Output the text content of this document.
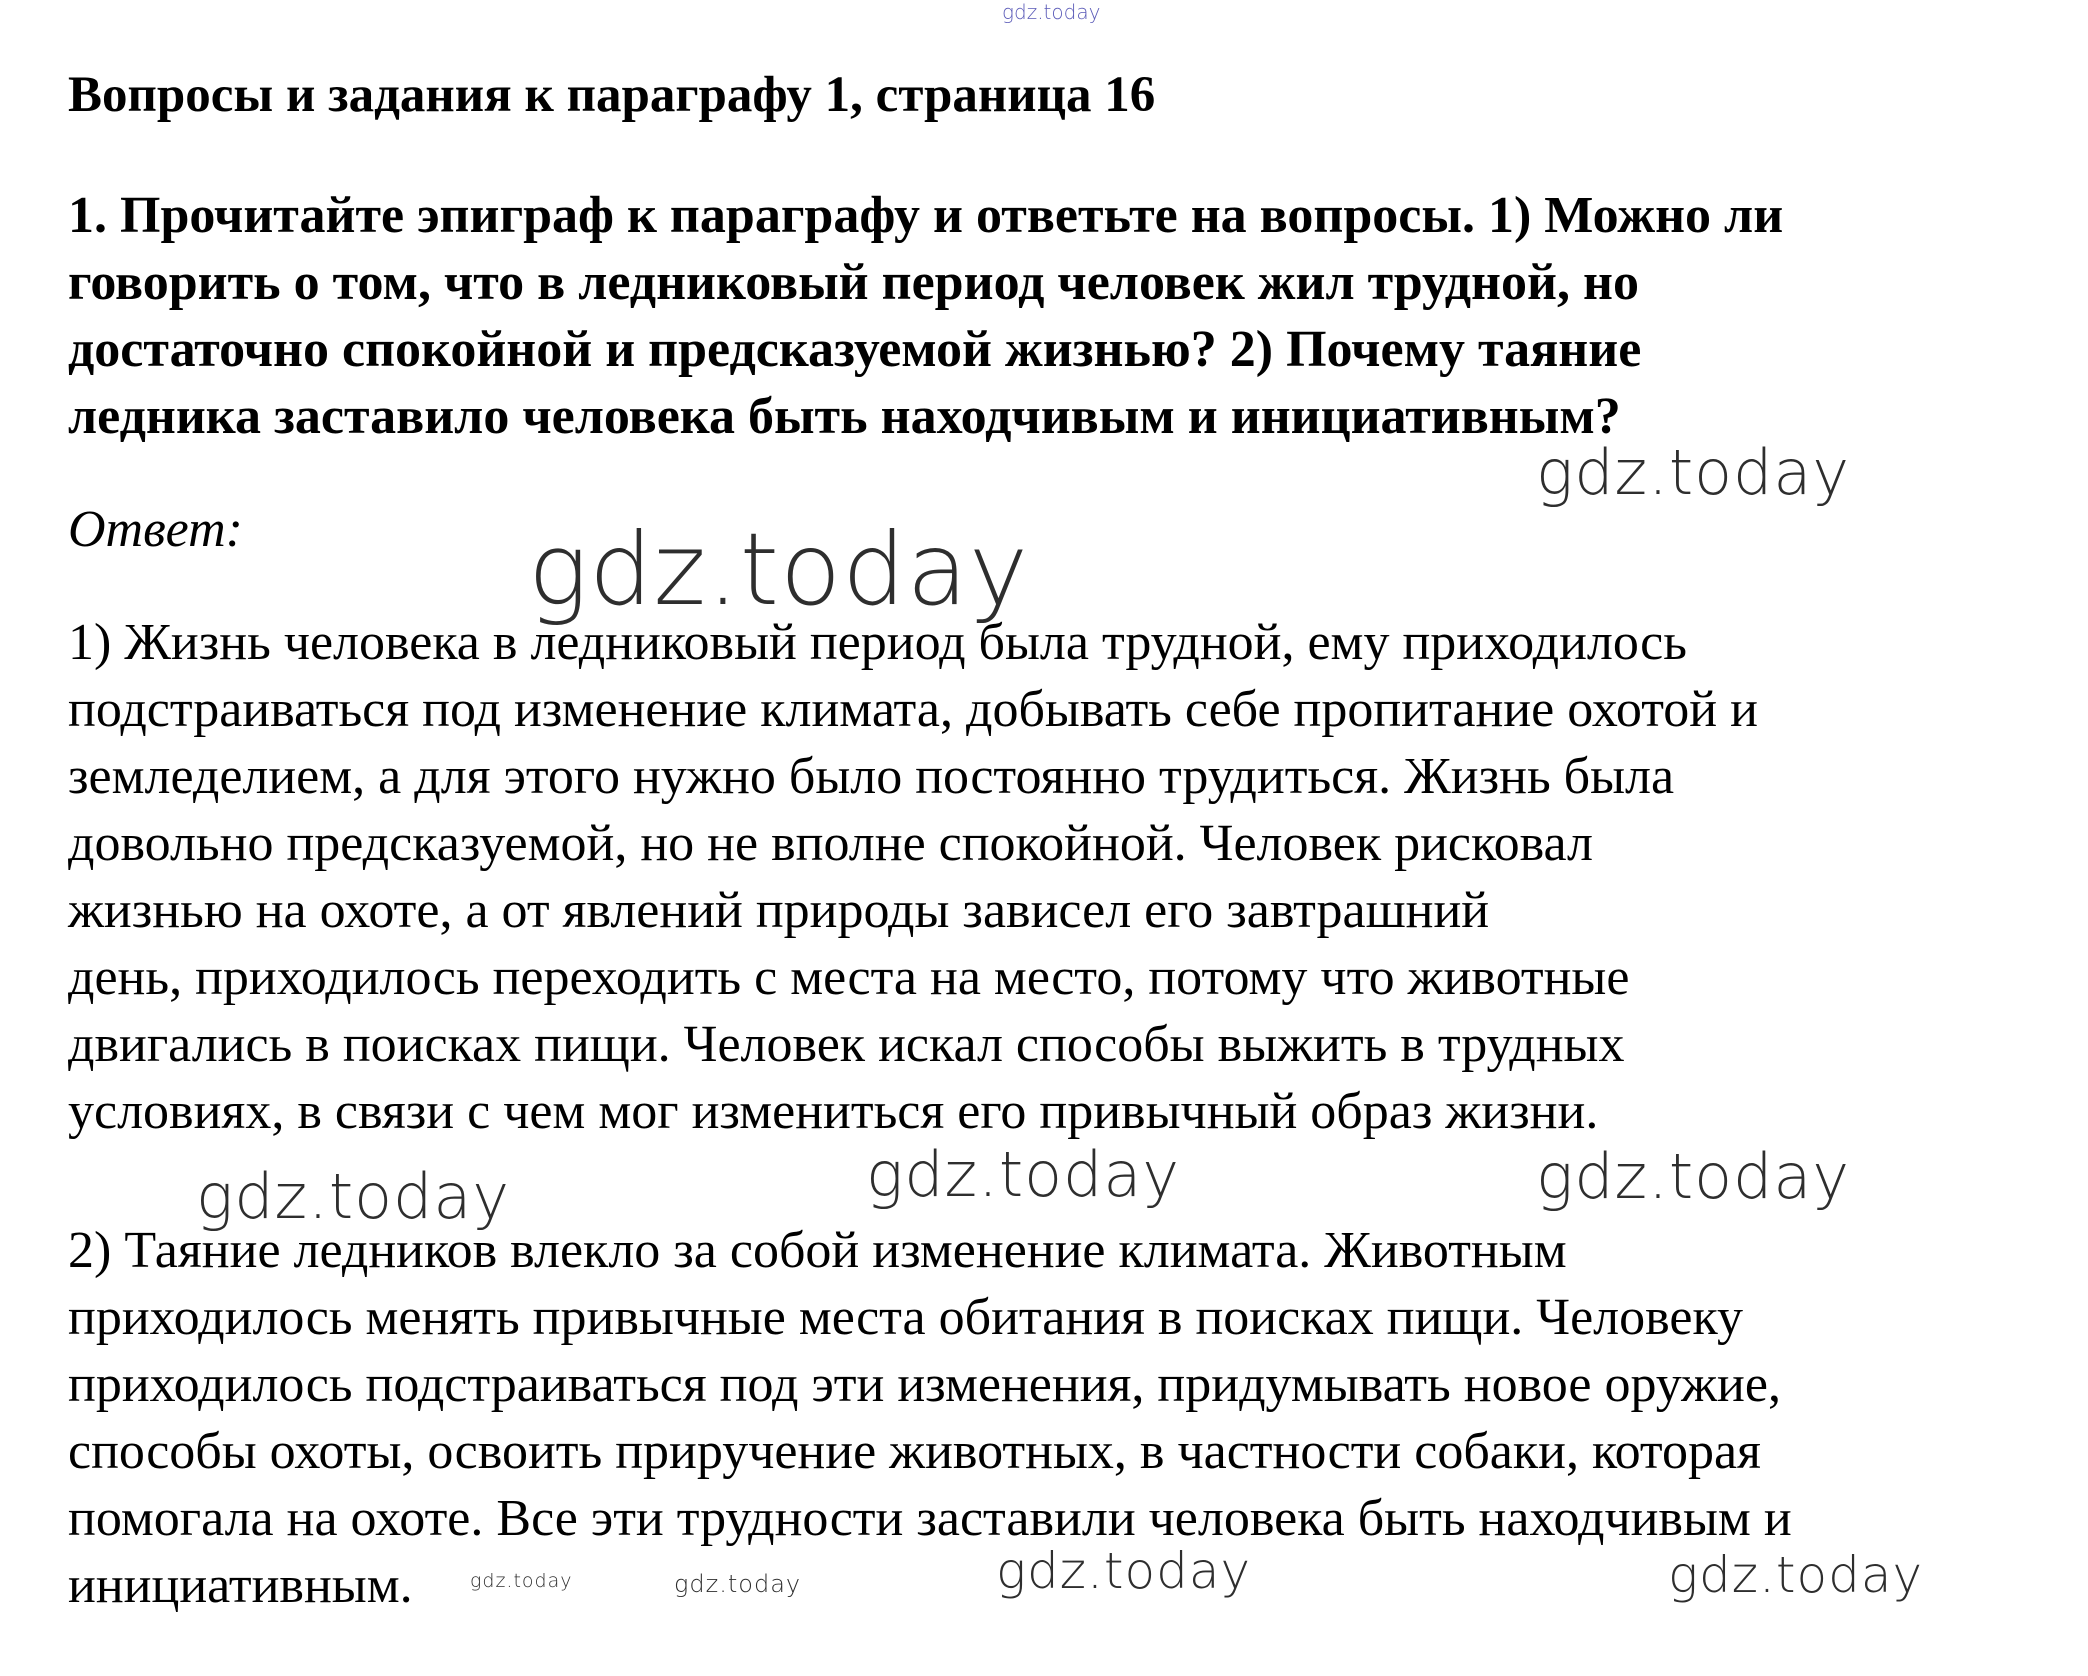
gdz.today
gdz.today
gdz.today
gdz.today	gdz.today	gdz.today
gdz.today	gdz.today
gdz.today
gdz.today
Вопросы и задания к параграфу 1, страница 16

1. Прочитайте эпиграф к параграфу и ответьте на вопросы. 1) Можно ли
говорить о том, что в ледниковый период человек жил трудной, но
достаточно спокойной и предсказуемой жизнью? 2) Почему таяние
ледника заставило человека быть находчивым и инициативным?

Ответ:

1) Жизнь человека в ледниковый период была трудной, ему приходилось
подстраиваться под изменение климата, добывать себе пропитание охотой и
земледелием, а для этого нужно было постоянно трудиться. Жизнь была
довольно предсказуемой, но не вполне спокойной. Человек рисковал
жизнью на охоте, а от явлений природы зависел его завтрашний
день, приходилось переходить с места на место, потому что животные
двигались в поисках пищи. Человек искал способы выжить в трудных
условиях, в связи с чем мог измениться его привычный образ жизни.

2) Таяние ледников влекло за собой изменение климата. Животным
приходилось менять привычные места обитания в поисках пищи. Человеку
приходилось подстраиваться под эти изменения, придумывать новое оружие,
способы охоты, освоить приручение животных, в частности собаки, которая
помогала на охоте. Все эти трудности заставили человека быть находчивым и
инициативным.
